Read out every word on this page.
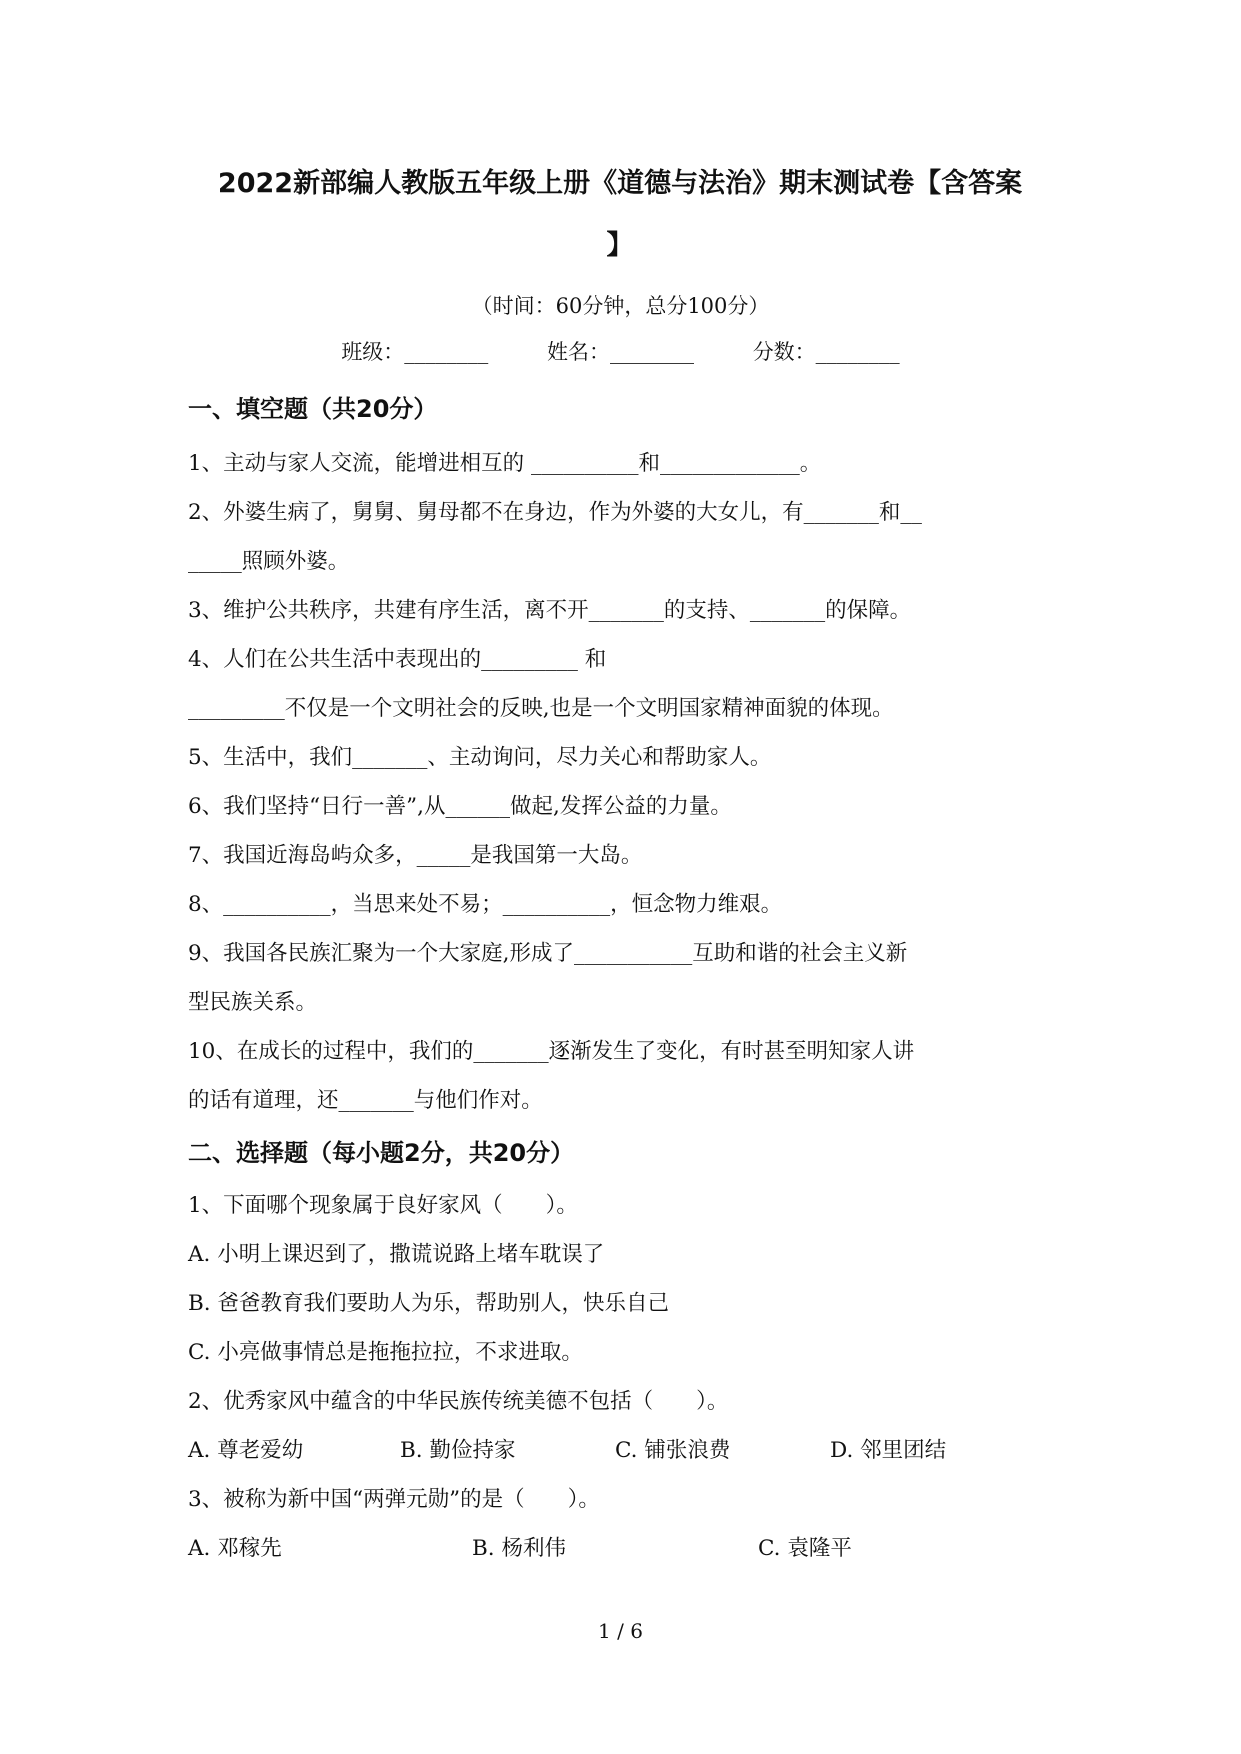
2022新部编人教版五年级上册《道德与法治》期末测试卷【含答案
】
（时间：60分钟，总分100分）
班级：________	姓名：________	分数：________
一、填空题（共20分）
1、主动与家人交流，能增进相互的 __________和_____________。
2、外婆生病了，舅舅、舅母都不在身边，作为外婆的大女儿，有_______和__
_____照顾外婆。
3、维护公共秩序，共建有序生活，离不开_______的支持、_______的保障。
4、人们在公共生活中表现出的_________ 和
_________不仅是一个文明社会的反映,也是一个文明国家精神面貌的体现。
5、生活中，我们_______、主动询问，尽力关心和帮助家人。
6、我们坚持“日行一善”,从______做起,发挥公益的力量。
7、我国近海岛屿众多，_____是我国第一大岛。
8、__________，当思来处不易；__________，恒念物力维艰。
9、我国各民族汇聚为一个大家庭,形成了___________互助和谐的社会主义新
型民族关系。
10、在成长的过程中，我们的_______逐渐发生了变化，有时甚至明知家人讲
的话有道理，还_______与他们作对。
二、选择题（每小题2分，共20分）
1、下面哪个现象属于良好家风（　　）。
A. 小明上课迟到了，撒谎说路上堵车耽误了
B. 爸爸教育我们要助人为乐，帮助别人，快乐自己
C. 小亮做事情总是拖拖拉拉，不求进取。
2、优秀家风中蕴含的中华民族传统美德不包括（　　）。
A. 尊老爱幼	B. 勤俭持家	C. 铺张浪费	D. 邻里团结
3、被称为新中国“两弹元勋”的是（　　）。
A. 邓稼先	B. 杨利伟	C. 袁隆平
1 / 6
